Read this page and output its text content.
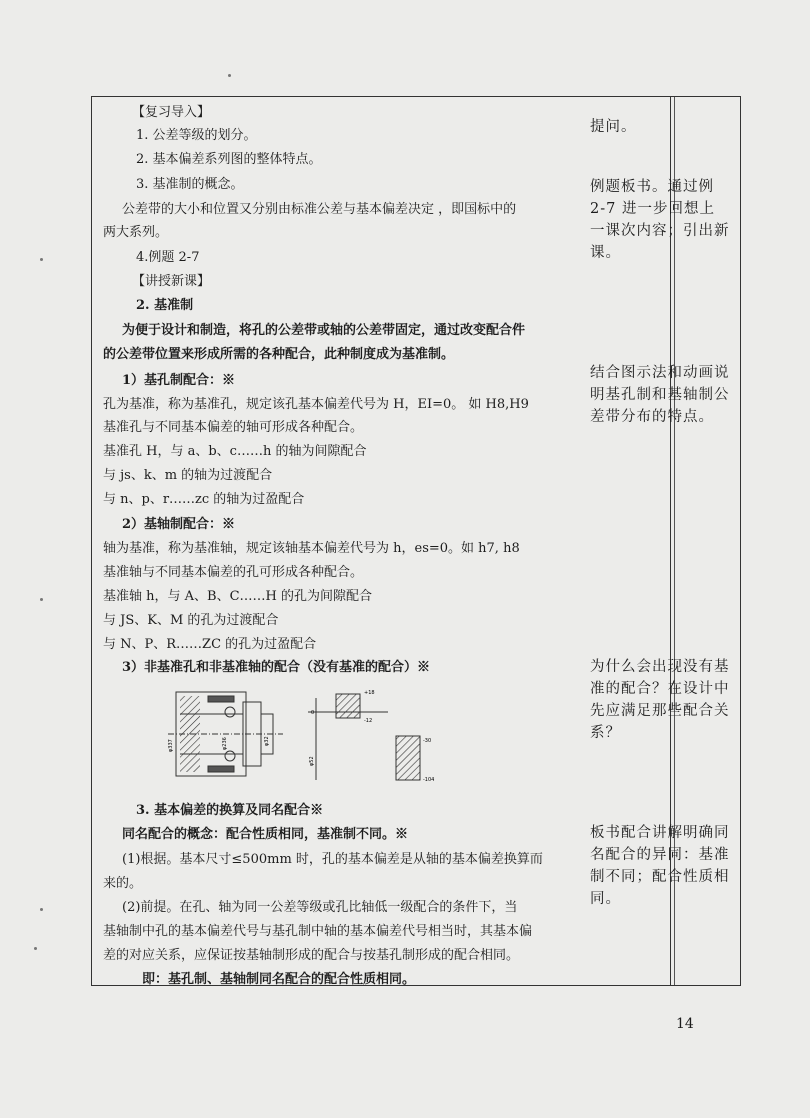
【复习导入】
1. 公差等级的划分。
2. 基本偏差系列图的整体特点。
3. 基准制的概念。
公差带的大小和位置又分别由标准公差与基本偏差决定 ，即国标中的
两大系列。
4.例题 2-7
【讲授新课】
2. 基准制
为便于设计和制造，将孔的公差带或轴的公差带固定，通过改变配合件
的公差带位置来形成所需的各种配合，此种制度成为基准制。
1）基孔制配合：※
孔为基准，称为基准孔，规定该孔基本偏差代号为 H，EI=0。 如 H8,H9
基准孔与不同基本偏差的轴可形成各种配合。
基准孔 H，与 a、b、c……h 的轴为间隙配合
与 js、k、m 的轴为过渡配合
与 n、p、r……zc 的轴为过盈配合
2）基轴制配合：※
轴为基准，称为基准轴，规定该轴基本偏差代号为 h，es=0。如 h7, h8
基准轴与不同基本偏差的孔可形成各种配合。
基准轴 h，与 A、B、C……H 的孔为间隙配合
与 JS、K、M 的孔为过渡配合
与 N、P、R……ZC 的孔为过盈配合
3）非基准孔和非基准轴的配合（没有基准的配合）※
φ337	φ236	φ32
+18
-12
-30
-104
φ52
0
3. 基本偏差的换算及同名配合※
同名配合的概念：配合性质相同，基准制不同。※
(1)根据。基本尺寸≤500mm 时，孔的基本偏差是从轴的基本偏差换算而
来的。
(2)前提。在孔、轴为同一公差等级或孔比轴低一级配合的条件下，当
基轴制中孔的基本偏差代号与基孔制中轴的基本偏差代号相当时，其基本偏
差的对应关系，应保证按基轴制形成的配合与按基孔制形成的配合相同。
即：基孔制、基轴制同名配合的配合性质相同。
提问。
例题板书。通过例 2-7 进一步回想上一课次内容；引出新课。
结合图示法和动画说明基孔制和基轴制公差带分布的特点。
为什么会出现没有基准的配合？在设计中先应满足那些配合关系？
板书配合讲解明确同名配合的异同：基准制不同；配合性质相同。
14
